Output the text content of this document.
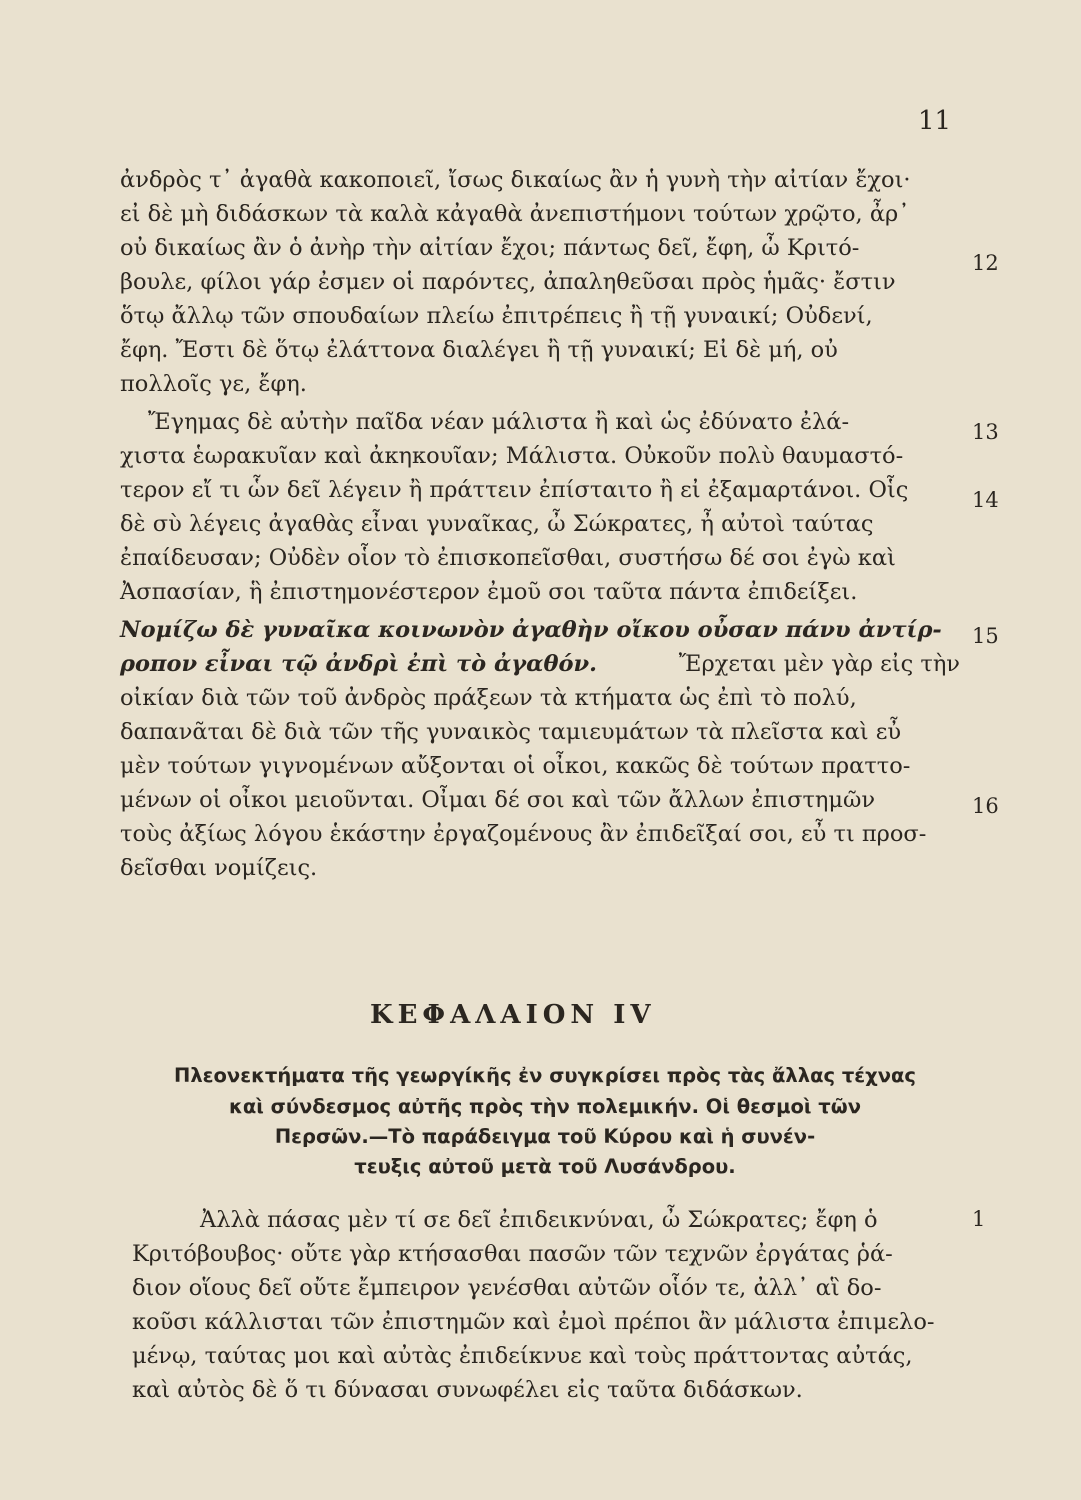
11
ἀνδρὸς τ᾽ ἀγαθὰ κακοποιεῖ, ἴσως δικαίως ἂν ἡ γυνὴ τὴν αἰτίαν ἔχοι·
εἰ δὲ μὴ διδάσκων τὰ καλὰ κἀγαθὰ ἀνεπιστήμονι τούτων χρῷτο, ἆρ᾽
οὐ δικαίως ἂν ὁ ἀνὴρ τὴν αἰτίαν ἔχοι; πάντως δεῖ, ἔφη, ὦ Κριτό-
βουλε, φίλοι γάρ ἐσμεν οἱ παρόντες, ἀπαληθεῦσαι πρὸς ἡμᾶς· ἔστιν
ὅτῳ ἄλλῳ τῶν σπουδαίων πλείω ἐπιτρέπεις ἢ τῇ γυναικί; Οὐδενί,
ἔφη. Ἔστι δὲ ὅτῳ ἐλάττονα διαλέγει ἢ τῇ γυναικί; Εἰ δὲ μή, οὐ
πολλοῖς γε, ἔφη.
Ἔγημας δὲ αὐτὴν παῖδα νέαν μάλιστα ἢ καὶ ὡς ἐδύνατο ἐλά-
χιστα ἑωρακυῖαν καὶ ἀκηκουῖαν; Μάλιστα. Οὐκοῦν πολὺ θαυμαστό-
τερον εἴ τι ὧν δεῖ λέγειν ἢ πράττειν ἐπίσταιτο ἢ εἰ ἐξαμαρτάνοι. Οἷς
δὲ σὺ λέγεις ἀγαθὰς εἶναι γυναῖκας, ὦ Σώκρατες, ἦ αὐτοὶ ταύτας
ἐπαίδευσαν; Οὐδὲν οἷον τὸ ἐπισκοπεῖσθαι, συστήσω δέ σοι ἐγὼ καὶ
Ἀσπασίαν, ἣ ἐπιστημονέστερον ἐμοῦ σοι ταῦτα πάντα ἐπιδείξει.
Νομίζω δὲ γυναῖκα κοινωνὸν ἀγαθὴν οἴκου οὖσαν πάνυ ἀντίρ-
ροπον εἶναι τῷ ἀνδρὶ ἐπὶ τὸ ἀγαθόν.	Ἔρχεται μὲν γὰρ εἰς τὴν
οἰκίαν διὰ τῶν τοῦ ἀνδρὸς πράξεων τὰ κτήματα ὡς ἐπὶ τὸ πολύ,
δαπανᾶται δὲ διὰ τῶν τῆς γυναικὸς ταμιευμάτων τὰ πλεῖστα καὶ εὖ
μὲν τούτων γιγνομένων αὔξονται οἱ οἶκοι, κακῶς δὲ τούτων πραττο-
μένων οἱ οἶκοι μειοῦνται. Οἶμαι δέ σοι καὶ τῶν ἄλλων ἐπιστημῶν
τοὺς ἀξίως λόγου ἑκάστην ἐργαζομένους ἂν ἐπιδεῖξαί σοι, εὖ τι προσ-
δεῖσθαι νομίζεις.
12
13
14
15
16
ΚΕΦΑΛΑΙΟΝ IV
Πλεονεκτήματα τῆς γεωργίκῆς ἐν συγκρίσει πρὸς τὰς ἄλλας τέχνας
καὶ σύνδεσμος αὐτῆς πρὸς τὴν πολεμικήν. Οἱ θεσμοὶ τῶν
Περσῶν.—Τὸ παράδειγμα τοῦ Κύρου καὶ ἡ συνέν-
τευξις αὐτοῦ μετὰ τοῦ Λυσάνδρου.
Ἀλλὰ πάσας μὲν τί σε δεῖ ἐπιδεικνύναι, ὦ Σώκρατες; ἔφη ὁ
Κριτόβουβος· οὔτε γὰρ κτήσασθαι πασῶν τῶν τεχνῶν ἐργάτας ῥά-
διον οἵους δεῖ οὔτε ἔμπειρον γενέσθαι αὐτῶν οἷόν τε, ἀλλ᾽ αἳ δο-
κοῦσι κάλλισται τῶν ἐπιστημῶν καὶ ἐμοὶ πρέποι ἂν μάλιστα ἐπιμελο-
μένῳ, ταύτας μοι καὶ αὐτὰς ἐπιδείκνυε καὶ τοὺς πράττοντας αὐτάς,
καὶ αὐτὸς δὲ ὅ τι δύνασαι συνωφέλει εἰς ταῦτα διδάσκων.
1
